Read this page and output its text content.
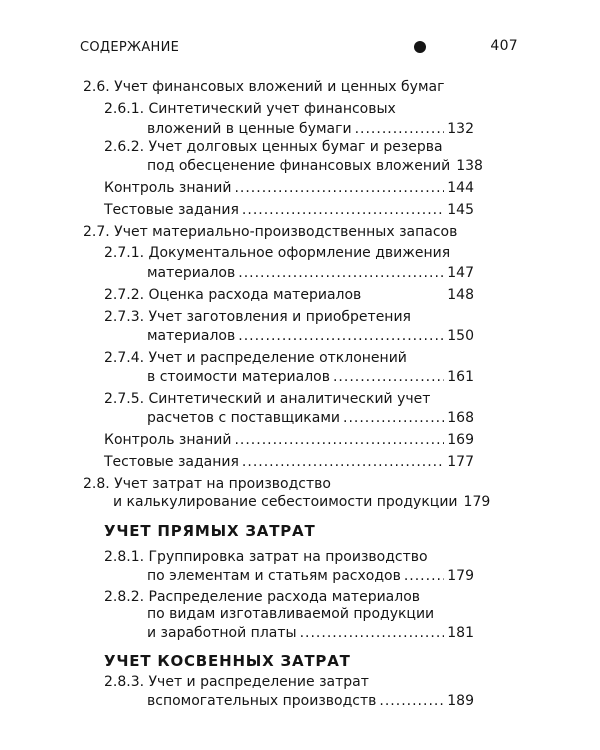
СОДЕРЖАНИЕ	407
2.6. Учет финансовых вложений и ценных бумаг
2.6.1. Синтетический учет финансовых
вложений в ценные бумаги .....	132
2.6.2. Учет долговых ценных бумаг и резерва
под обесценение финансовых вложений 138
Контроль знаний .....	144
Тестовые задания .....	145
2.7. Учет материально-производственных запасов
2.7.1. Документальное оформление движения
материалов .....	147
2.7.2. Оценка расхода материалов	148
2.7.3. Учет заготовления и приобретения
материалов .....	150
2.7.4. Учет и распределение отклонений
в стоимости материалов .....	161
2.7.5. Синтетический и аналитический учет
расчетов с поставщиками .....	168
Контроль знаний .....	169
Тестовые задания .....	177
2.8. Учет затрат на производство
и калькулирование себестоимости продукции 179
УЧЕТ ПРЯМЫХ ЗАТРАТ
2.8.1. Группировка затрат на производство
по элементам и статьям расходов .....	179
2.8.2. Распределение расхода материалов
по видам изготавливаемой продукции
и заработной платы .....	181
УЧЕТ КОСВЕННЫХ ЗАТРАТ
2.8.3. Учет и распределение затрат
вспомогательных производств .....	189
